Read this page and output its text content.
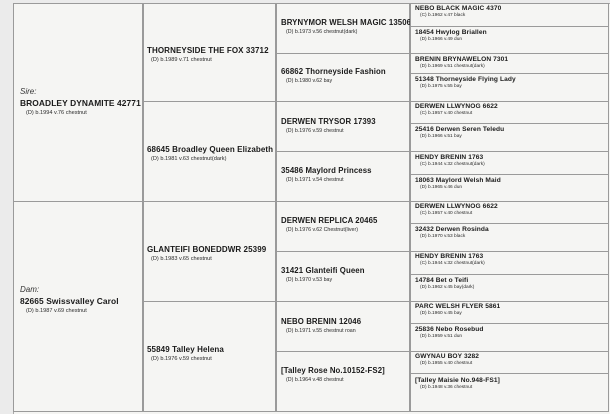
Sire:
BROADLEY DYNAMITE 42771
(D) b.1994 v.76 chestnut
Dam:
82665 Swissvalley Carol
(D) b.1987 v.69 chestnut
THORNEYSIDE THE FOX 33712
(D) b.1989 v.71 chestnut
68645 Broadley Queen Elizabeth
(D) b.1981 v.63 chestnut(dark)
GLANTEIFI BONEDDWR 25399
(D) b.1983 v.65 chestnut
55849 Talley Helena
(D) b.1976 v.59 chestnut
BRYNYMOR WELSH MAGIC 13506
(D) b.1973 v.56 chestnut(dark)
66862 Thorneyside Fashion
(D) b.1980 v.62 bay
DERWEN TRYSOR 17393
(D) b.1976 v.59 chestnut
35486 Maylord Princess
(D) b.1971 v.54 chestnut
DERWEN REPLICA 20465
(D) b.1976 v.62 Chestnut(liver)
31421 Glanteifi Queen
(D) b.1970 v.53 bay
NEBO BRENIN 12046
(D) b.1971 v.55 chestnut roan
[Talley Rose No.10152-FS2]
(D) b.1964 v.48 chestnut
NEBO BLACK MAGIC 4370
(C) b.1962 v.47 black
18454 Hwylog Briallen
(D) b.1966 v.49 dun
BRENIN BRYNAWELON 7301
(D) b.1969 v.51 chestnut(dark)
51348 Thorneyside Flying Lady
(D) b.1975 v.55 bay
DERWEN LLWYNOG 6622
(C) b.1957 v.40 chestnut
25416 Derwen Seren Teledu
(D) b.1966 v.51 bay
HENDY BRENIN 1763
(C) b.1944 v.32 chestnut(dark)
18063 Maylord Welsh Maid
(D) b.1965 v.46 dun
DERWEN LLWYNOG 6622
(C) b.1957 v.40 chestnut
32432 Derwen Rosinda
(D) b.1970 v.53 black
HENDY BRENIN 1763
(C) b.1944 v.32 chestnut(dark)
14784 Bet o Teifi
(D) b.1962 v.45 bay(dark)
PARC WELSH FLYER 5861
(D) b.1960 v.45 bay
25836 Nebo Rosebud
(D) b.1959 v.51 dun
GWYNAU BOY 3282
(D) b.1955 v.40 chestnut
[Talley Maisie No.948-FS1]
(D) b.1948 v.36 chestnut
